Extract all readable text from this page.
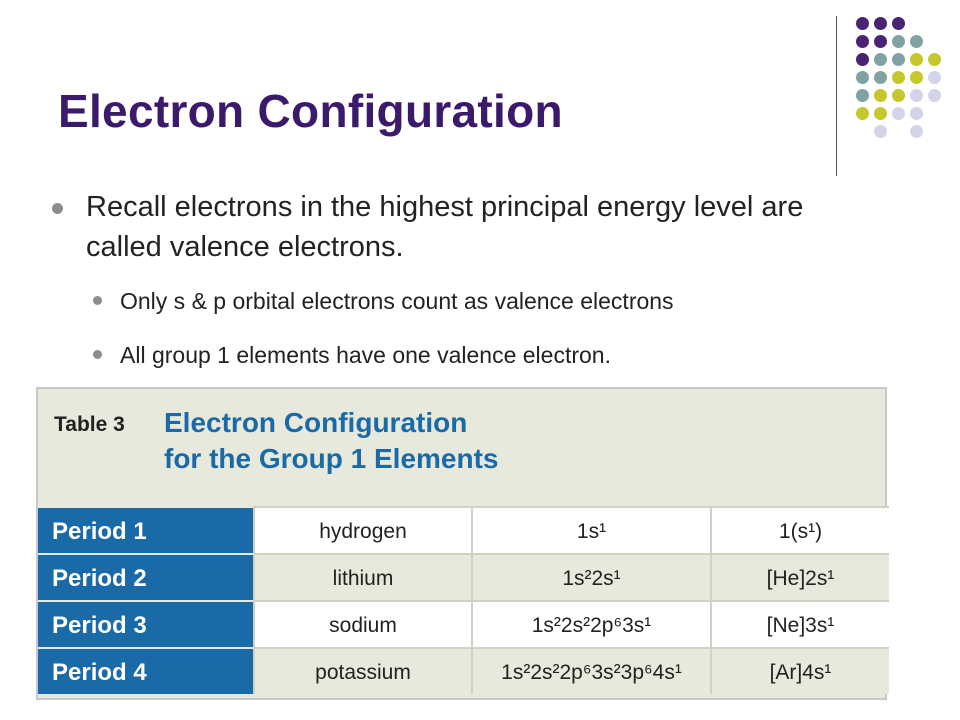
Electron Configuration
Recall electrons in the highest principal energy level are called valence electrons.
Only s & p orbital electrons count as valence electrons
All group 1 elements have one valence electron.
Table 3 Electron Configuration
for the Group 1 Elements
Period 1	hydrogen	1s¹	1(s¹)
Period 2	lithium	1s²2s¹	[He]2s¹
Period 3	sodium	1s²2s²2p⁶3s¹	[Ne]3s¹
Period 4	potassium	1s²2s²2p⁶3s²3p⁶4s¹	[Ar]4s¹
